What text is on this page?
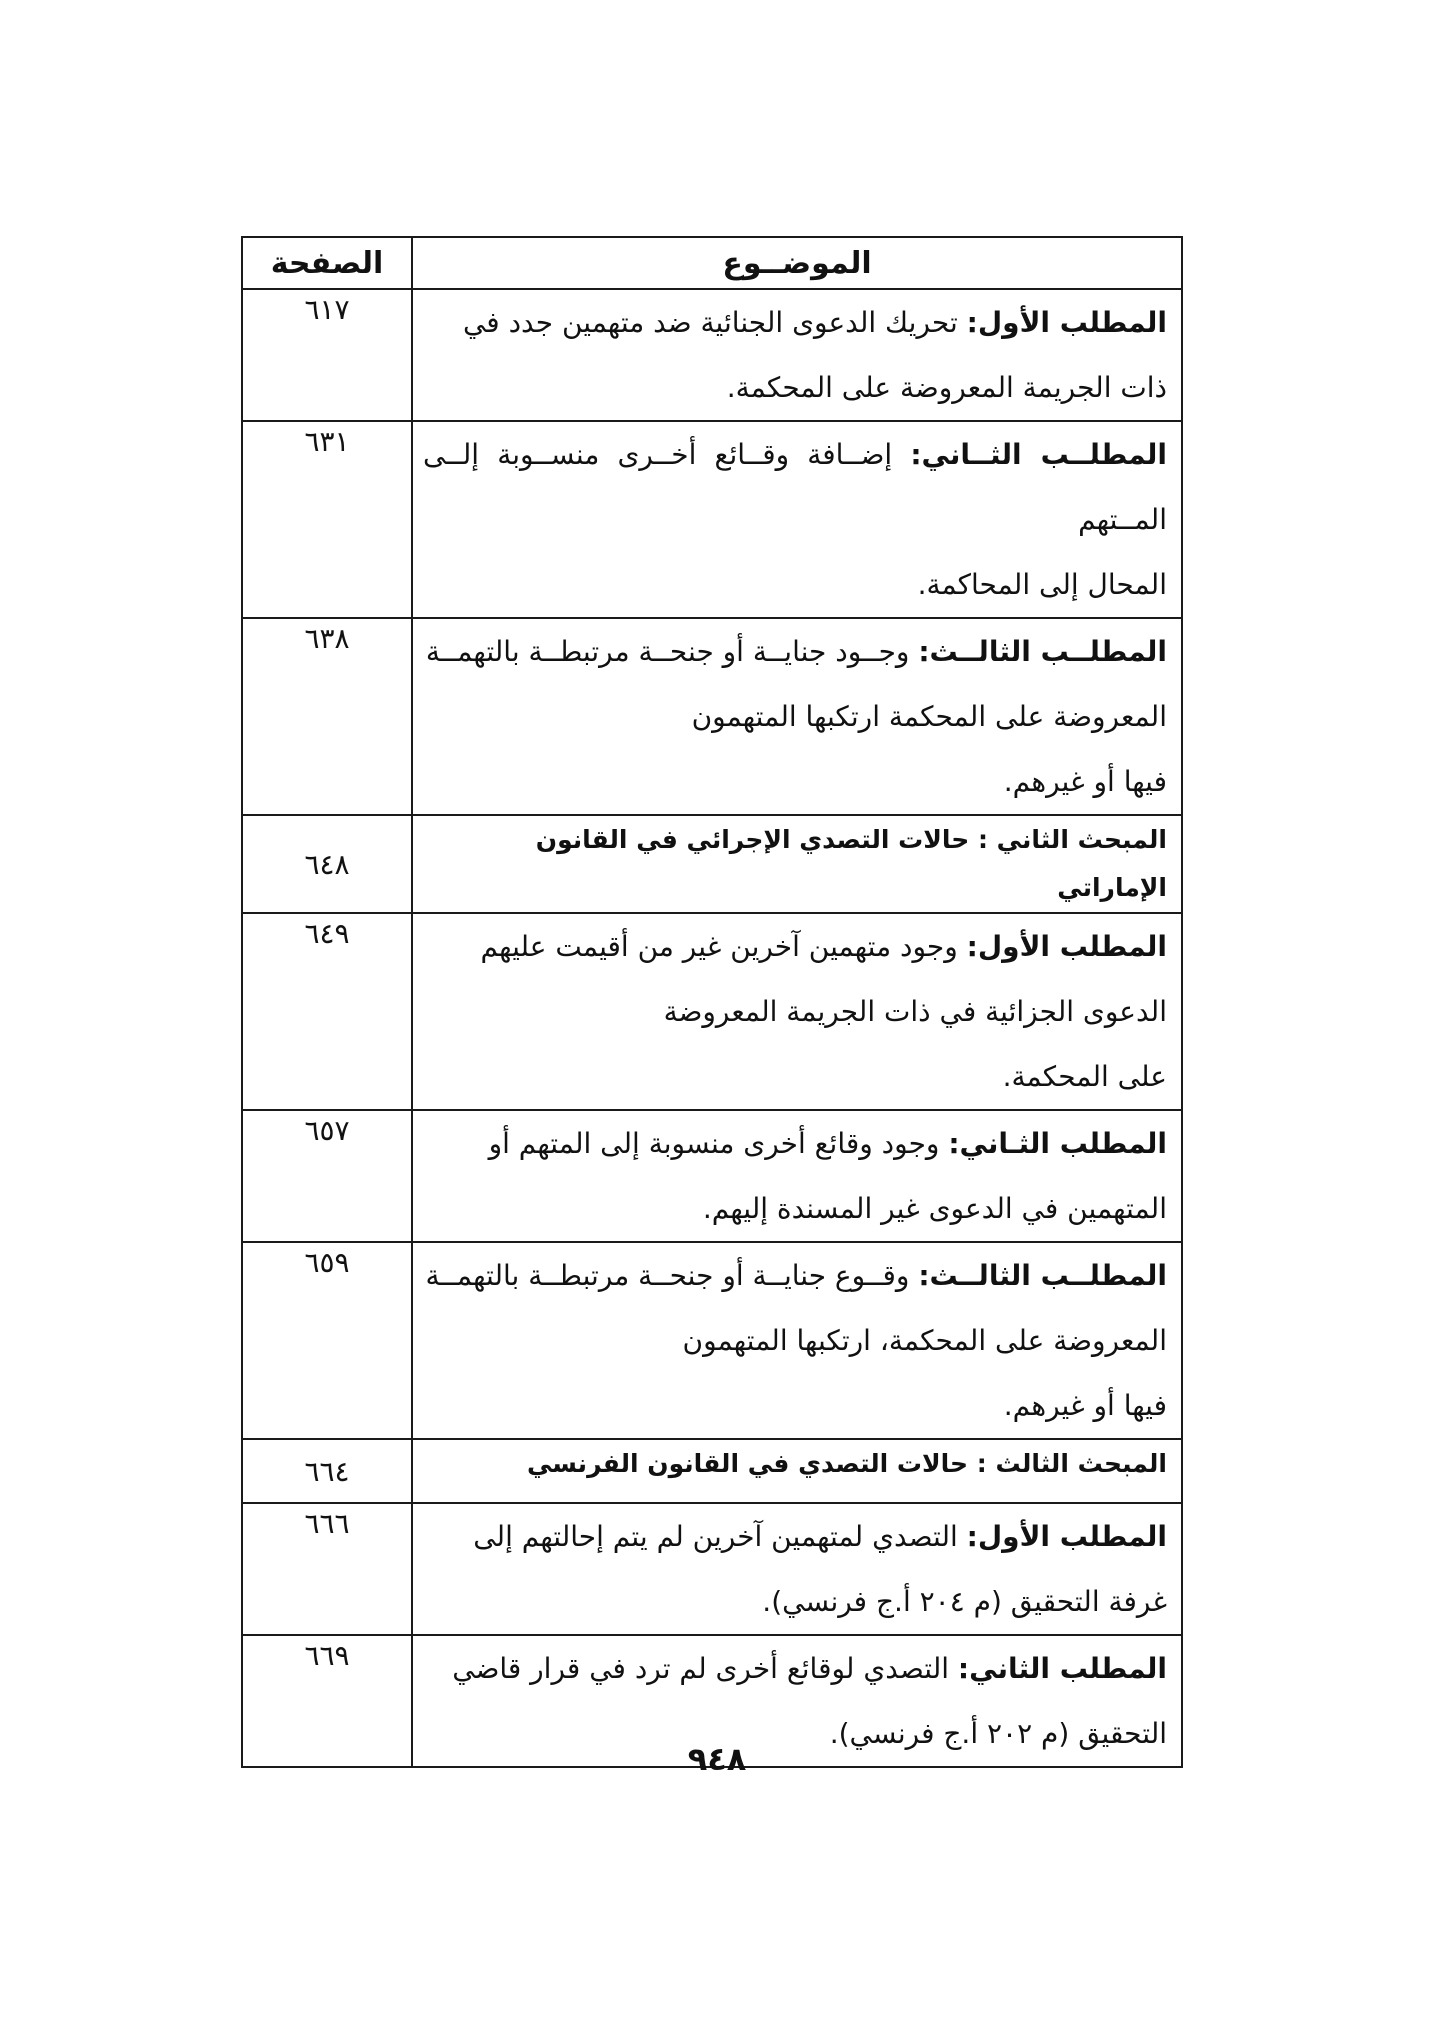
الموضــوع	الصفحة

المطلب الأول: تحريك الدعوى الجنائية ضد متهمين جدد في
ذات الجريمة المعروضة على المحكمة.	٦١٧

المطلــب الثــاني: إضــافة وقــائع أخــرى منســوبة إلــى المــتهم
المحال إلى المحاكمة.	٦٣١

المطلــب الثالــث: وجــود جنايــة أو جنحــة مرتبطــة بالتهمــة
المعروضة على المحكمة ارتكبها المتهمون
فيها أو غيرهم.	٦٣٨

المبحث الثاني : حالات التصدي الإجرائي في القانون الإماراتي	٦٤٨

المطلب الأول: وجود متهمين آخرين غير من أقيمت عليهم
الدعوى الجزائية في ذات الجريمة المعروضة
على المحكمة.	٦٤٩

المطلب الثـاني: وجود وقائع أخرى منسوبة إلى المتهم أو
المتهمين في الدعوى غير المسندة إليهم.	٦٥٧

المطلــب الثالــث: وقــوع جنايــة أو جنحــة مرتبطــة بالتهمــة
المعروضة على المحكمة، ارتكبها المتهمون
فيها أو غيرهم.	٦٥٩

المبحث الثالث : حالات التصدي في القانون الفرنسي	٦٦٤

المطلب الأول: التصدي لمتهمين آخرين لم يتم إحالتهم إلى
غرفة التحقيق (م ٢٠٤ أ.ج فرنسي).	٦٦٦

المطلب الثاني: التصدي لوقائع أخرى لم ترد في قرار قاضي
التحقيق (م ٢٠٢ أ.ج فرنسي).	٦٦٩
٩٤٨
